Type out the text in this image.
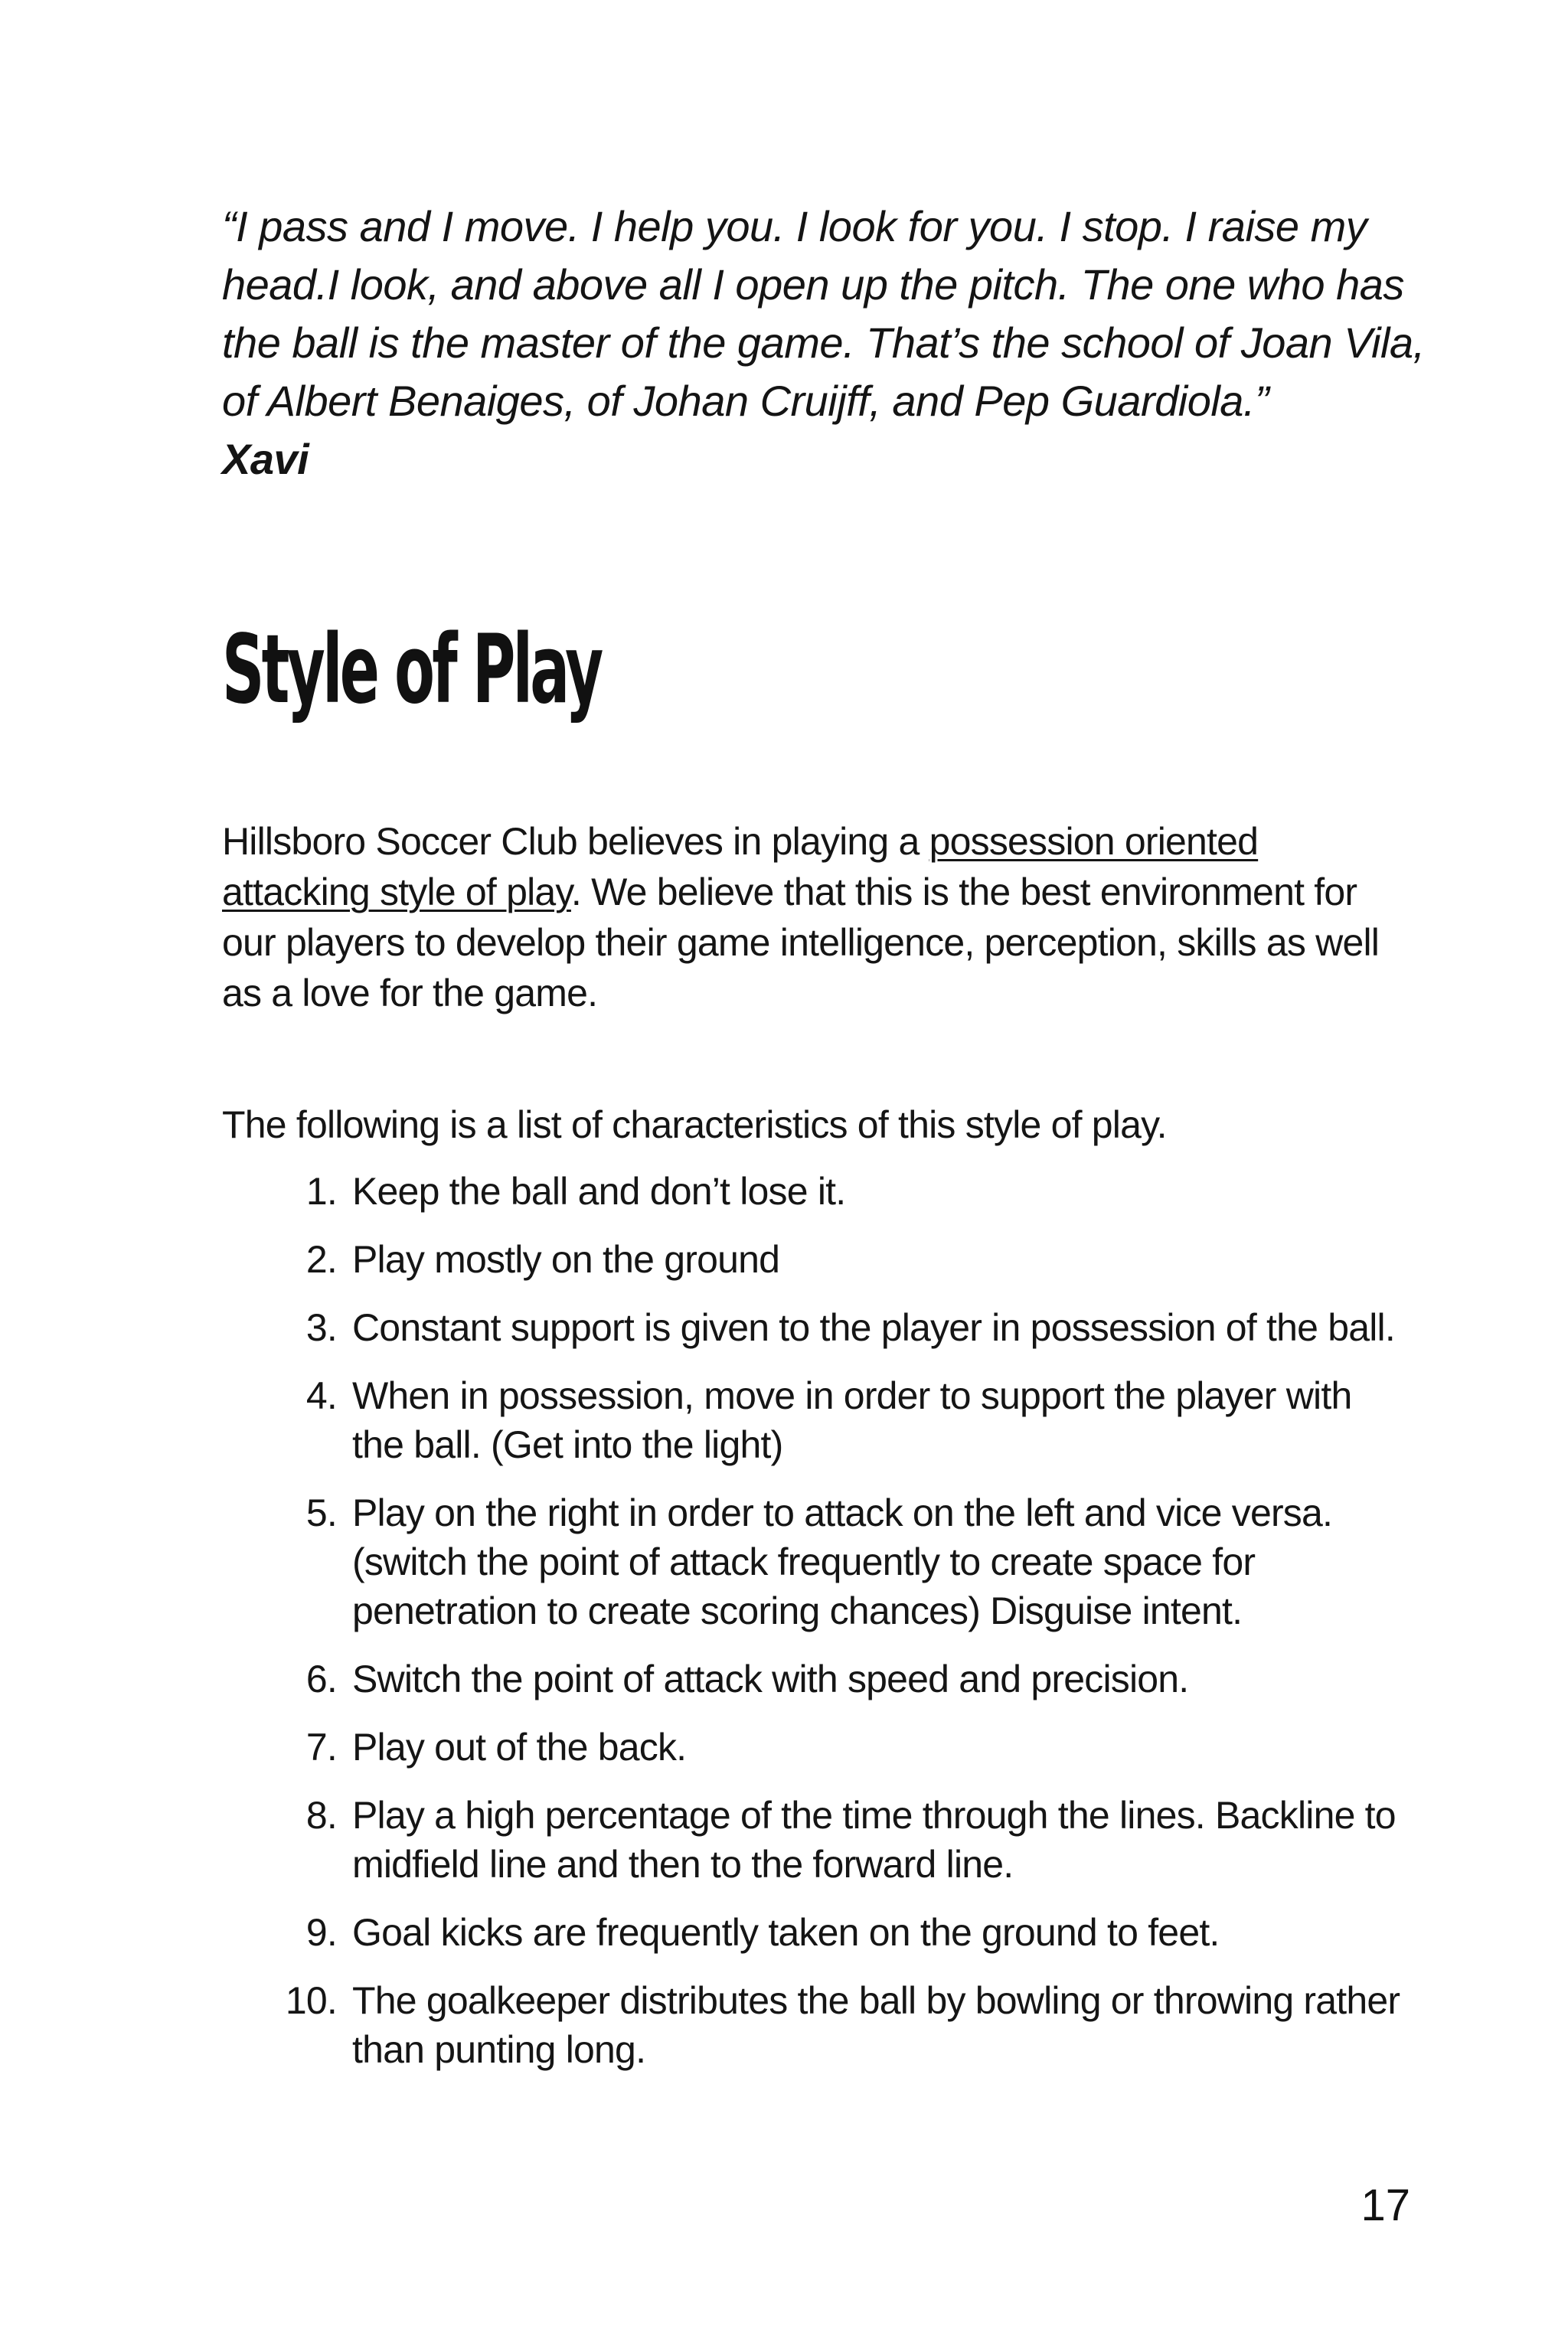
“I pass and I move. I help you. I look for you. I stop. I raise my head.I look, and above all I open up the pitch. The one who has the ball is the master of the game. That’s the school of Joan Vila, of Albert Benaiges, of Johan Cruijff, and Pep Guardiola.”

Xavi

Style of Play

Hillsboro Soccer Club believes in playing a possession oriented attacking style of play. We believe that this is the best environment for our players to develop their game intelligence, perception, skills as well as a love for the game.

The following is a list of characteristics of this style of play.

1. Keep the ball and don’t lose it.
2. Play mostly on the ground
3. Constant support is given to the player in possession of the ball.
4. When in possession, move in order to support the player with the ball. (Get into the light)
5. Play on the right in order to attack on the left and vice versa. (switch the point of attack frequently to create space for penetration to create scoring chances) Disguise intent.
6. Switch the point of attack with speed and precision.
7. Play out of the back.
8. Play a high percentage of the time through the lines. Backline to midfield line and then to the forward line.
9. Goal kicks are frequently taken on the ground to feet.
10. The goalkeeper distributes the ball by bowling or throwing rather than punting long.

17
